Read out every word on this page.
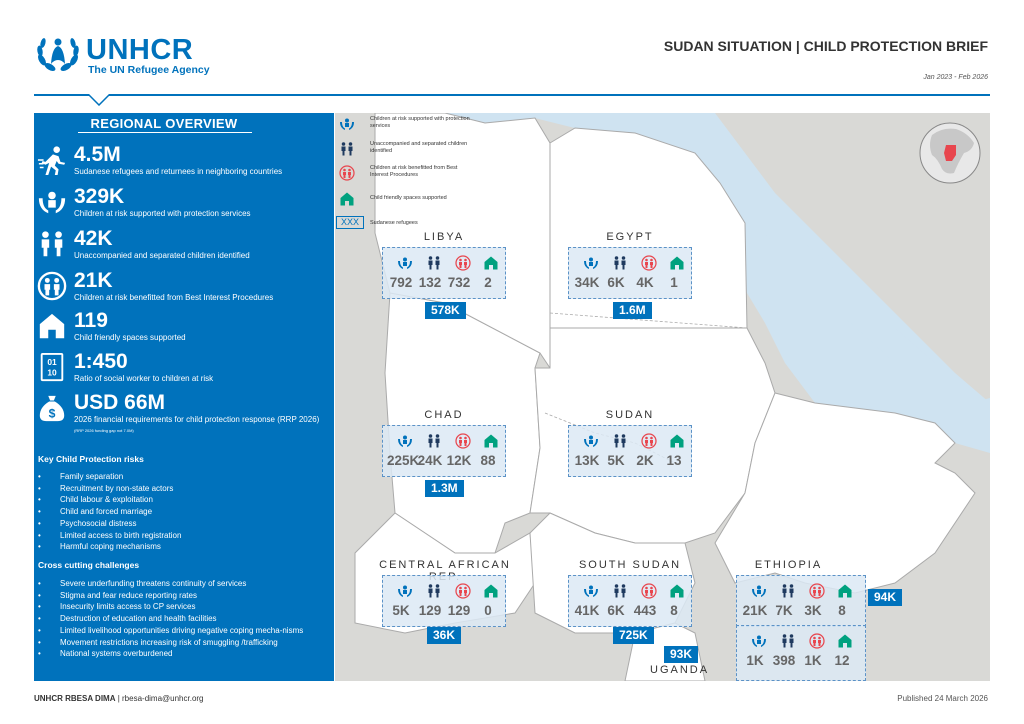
UNHCR
The UN Refugee Agency
SUDAN SITUATION | CHILD PROTECTION BRIEF
Jan 2023 - Feb 2026
REGIONAL OVERVIEW
4.5M
Sudanese refugees and returnees in neighboring countries
329K
Children at risk supported with protection services
42K
Unaccompanied and separated children identified
21K
Children at risk benefitted from Best Interest Procedures
119
Child friendly spaces supported
1:450
Ratio of social worker to children at risk
USD 66M
2026 financial requirements for child protection response (RRP 2026) (RRP 2026 funding gap not 7.0M)
Key Child Protection risks
• Family separation
• Recruitment by non-state actors
• Child labour & exploitation
• Child and forced marriage
• Psychosocial distress
• Limited access to birth registration
• Harmful coping mechanisms
Cross cutting challenges
• Severe underfunding threatens continuity of services
• Stigma and fear reduce reporting rates
• Insecurity limits access to CP services
• Destruction of education and health facilities
• Limited livelihood opportunities driving negative coping mecha-nisms
• Movement restrictions increasing risk of smuggling /trafficking
• National systems overburdened
Children at risk supported with protection services
Unaccompanied and separated children identified
Children at risk benefitted from Best Interest Procedures
Child friendly spaces supported
XXX	Sudanese refugees
LIBYA
792 132 732	2
578K
EGYPT
34K 6K 4K	1
1.6M
CHAD
225K
24K 12K 88
1.3M
SUDAN
13K 5K 2K 13
CENTRAL AFRICAN
5K 129 129	0
36K
SOUTH SUDAN
41K 6K 443	8
725K
ETHIOPIA
21K 7K 3K	8
94K
1K 398 1K 12
93K
UGANDA
UNHCR RBESA DIMA | rbesa-dima@unhcr.org	Published 24 March 2026
